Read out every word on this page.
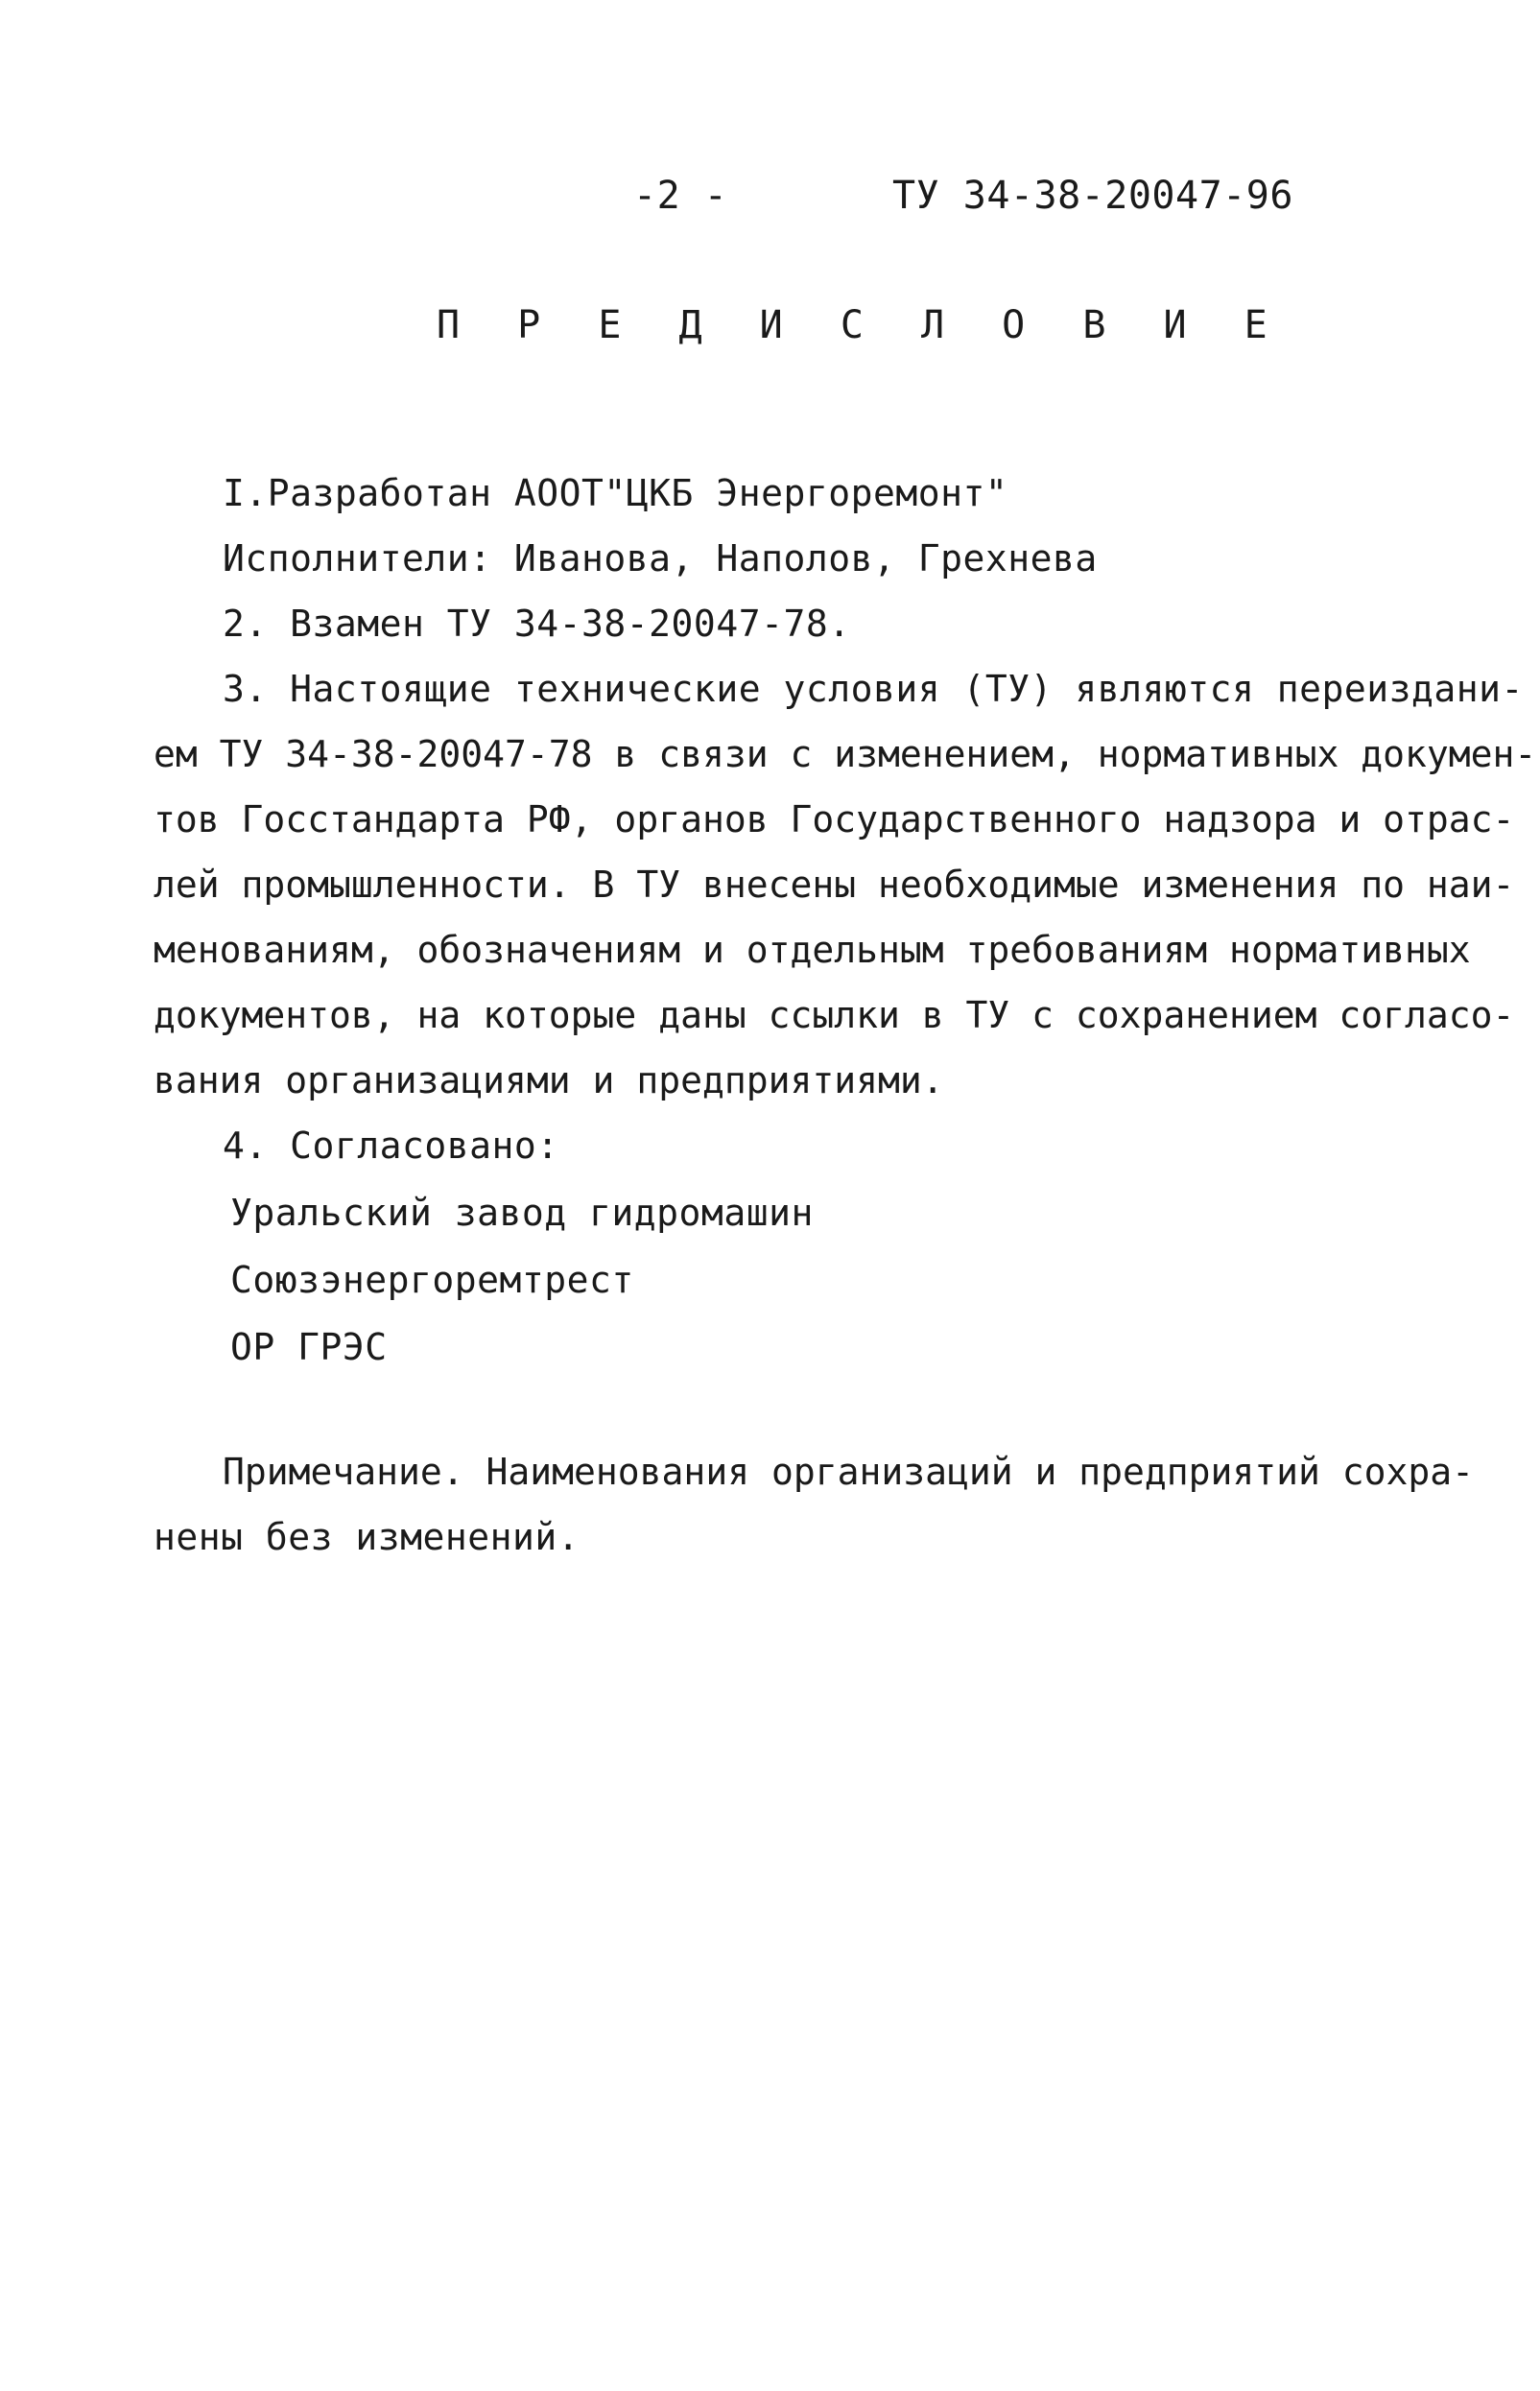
-2 -	ТУ 34-38-20047-96
П Р Е Д И С Л О В И Е
I.Разработан АООТ"ЦКБ Энергоремонт"
Исполнители: Иванова, Наполов, Грехнева
2. Взамен ТУ 34-38-20047-78.
3. Настоящие технические условия (ТУ) являются переиздани-
ем ТУ 34-38-20047-78 в связи с изменением, нормативных докумен-
тов Госстандарта РФ, органов Государственного надзора и отрас-
лей промышленности. В ТУ внесены необходимые изменения по наи-
менованиям, обозначениям и отдельным требованиям нормативных
документов, на которые даны ссылки в ТУ с сохранением согласо-
вания организациями и предприятиями.
4. Согласовано:
Уральский завод гидромашин
Союзэнергоремтрест
ОР ГРЭС
Примечание. Наименования организаций и предприятий сохра-
нены без изменений.
